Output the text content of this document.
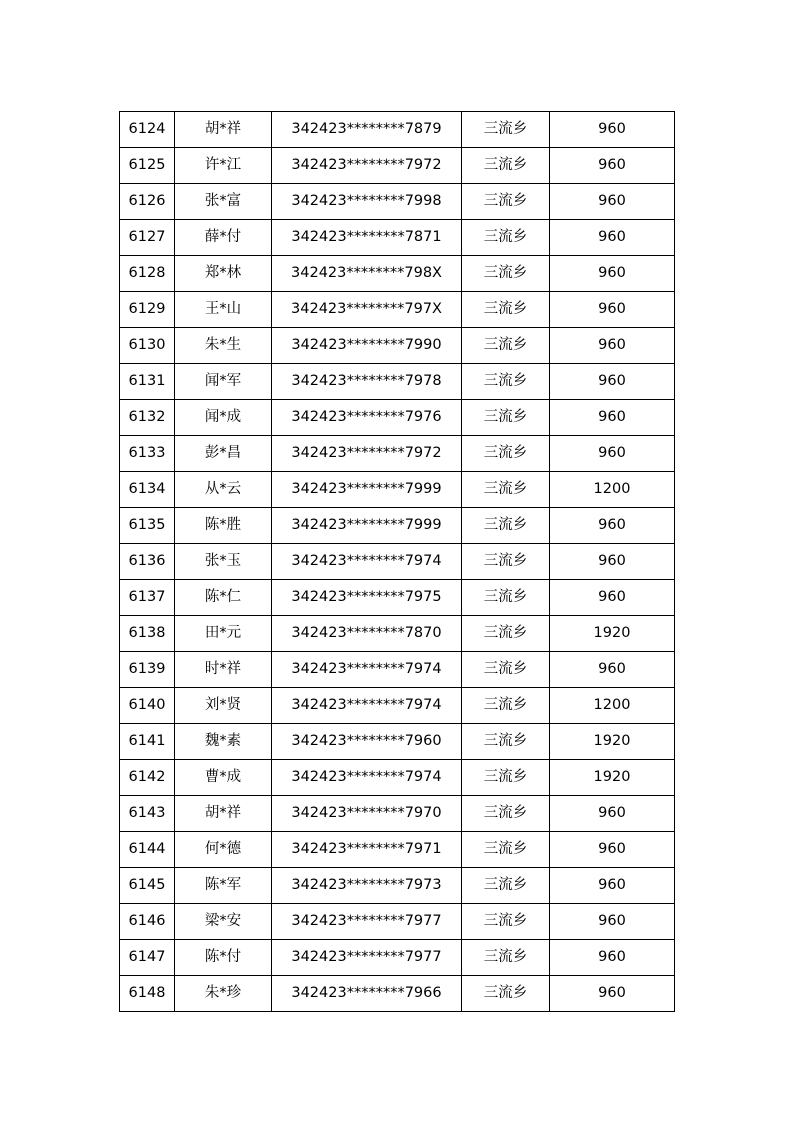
6124	胡*祥	342423********7879	三流乡	960
6125	许*江	342423********7972	三流乡	960
6126	张*富	342423********7998	三流乡	960
6127	薛*付	342423********7871	三流乡	960
6128	郑*林	342423********798X	三流乡	960
6129	王*山	342423********797X	三流乡	960
6130	朱*生	342423********7990	三流乡	960
6131	闻*军	342423********7978	三流乡	960
6132	闻*成	342423********7976	三流乡	960
6133	彭*昌	342423********7972	三流乡	960
6134	从*云	342423********7999	三流乡	1200
6135	陈*胜	342423********7999	三流乡	960
6136	张*玉	342423********7974	三流乡	960
6137	陈*仁	342423********7975	三流乡	960
6138	田*元	342423********7870	三流乡	1920
6139	时*祥	342423********7974	三流乡	960
6140	刘*贤	342423********7974	三流乡	1200
6141	魏*素	342423********7960	三流乡	1920
6142	曹*成	342423********7974	三流乡	1920
6143	胡*祥	342423********7970	三流乡	960
6144	何*德	342423********7971	三流乡	960
6145	陈*军	342423********7973	三流乡	960
6146	梁*安	342423********7977	三流乡	960
6147	陈*付	342423********7977	三流乡	960
6148	朱*珍	342423********7966	三流乡	960
